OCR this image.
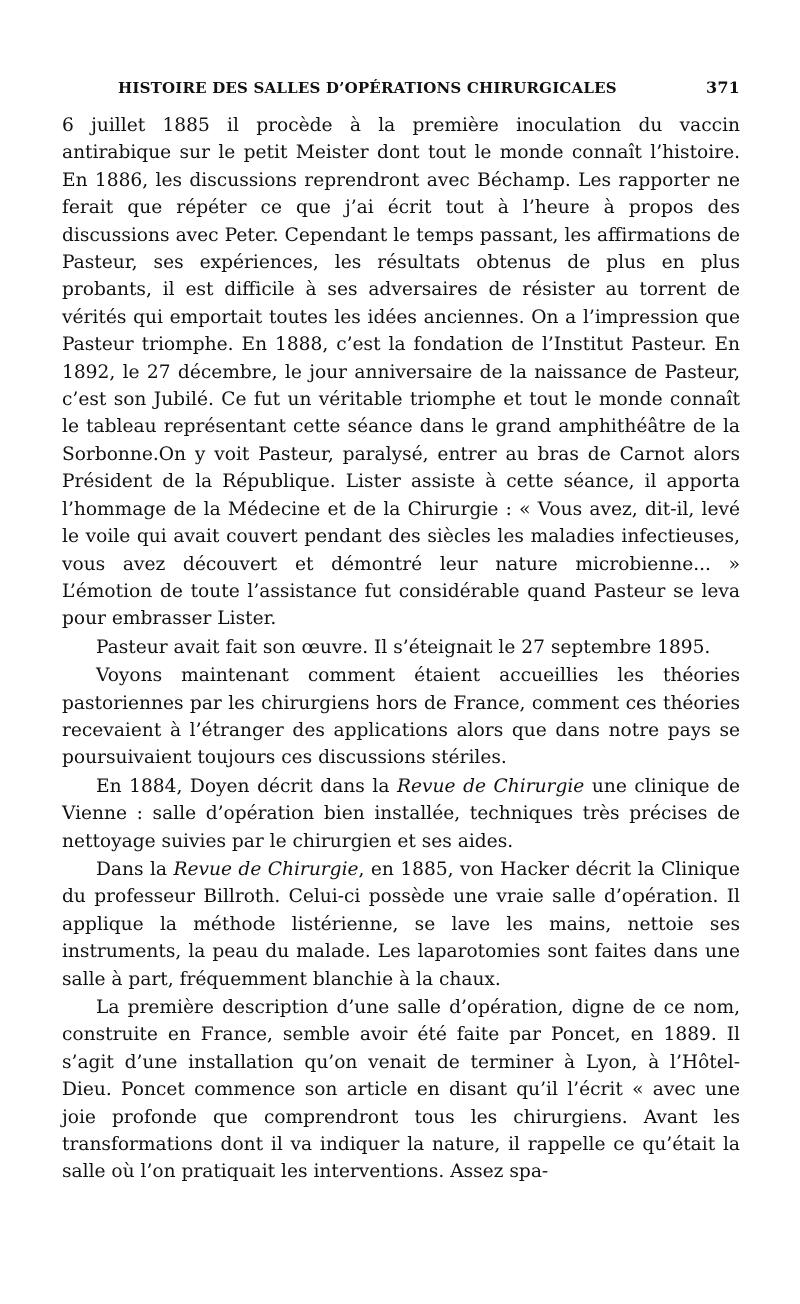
HISTOIRE DES SALLES D’OPÉRATIONS CHIRURGICALES	371

6 juillet 1885 il procède à la première inoculation du vaccin antirabique sur le petit Meister dont tout le monde connaît l’histoire. En 1886, les discussions reprendront avec Béchamp. Les rapporter ne ferait que répéter ce que j’ai écrit tout à l’heure à propos des discussions avec Peter. Cependant le temps passant, les affirmations de Pasteur, ses expériences, les résultats obtenus de plus en plus probants, il est difficile à ses adversaires de résister au torrent de vérités qui emportait toutes les idées anciennes. On a l’impression que Pasteur triomphe. En 1888, c’est la fondation de l’Institut Pasteur. En 1892, le 27 décembre, le jour anniversaire de la naissance de Pasteur, c’est son Jubilé. Ce fut un véritable triomphe et tout le monde connaît le tableau représentant cette séance dans le grand amphithéâtre de la Sorbonne.On y voit Pasteur, paralysé, entrer au bras de Carnot alors Président de la République. Lister assiste à cette séance, il apporta l’hommage de la Médecine et de la Chirurgie : « Vous avez, dit-il, levé le voile qui avait couvert pendant des siècles les maladies infectieuses, vous avez découvert et démontré leur nature microbienne... » L’émotion de toute l’assistance fut considérable quand Pasteur se leva pour embrasser Lister.

Pasteur avait fait son œuvre. Il s’éteignait le 27 septembre 1895.

Voyons maintenant comment étaient accueillies les théories pastoriennes par les chirurgiens hors de France, comment ces théories recevaient à l’étranger des applications alors que dans notre pays se poursuivaient toujours ces discussions stériles.

En 1884, Doyen décrit dans la Revue de Chirurgie une clinique de Vienne : salle d’opération bien installée, techniques très précises de nettoyage suivies par le chirurgien et ses aides.

Dans la Revue de Chirurgie, en 1885, von Hacker décrit la Clinique du professeur Billroth. Celui-ci possède une vraie salle d’opération. Il applique la méthode listérienne, se lave les mains, nettoie ses instruments, la peau du malade. Les laparotomies sont faites dans une salle à part, fréquemment blanchie à la chaux.

La première description d’une salle d’opération, digne de ce nom, construite en France, semble avoir été faite par Poncet, en 1889. Il s’agit d’une installation qu’on venait de terminer à Lyon, à l’Hôtel-Dieu. Poncet commence son article en disant qu’il l’écrit « avec une joie profonde que comprendront tous les chirurgiens. Avant les transformations dont il va indiquer la nature, il rappelle ce qu’était la salle où l’on pratiquait les interventions. Assez spa-
